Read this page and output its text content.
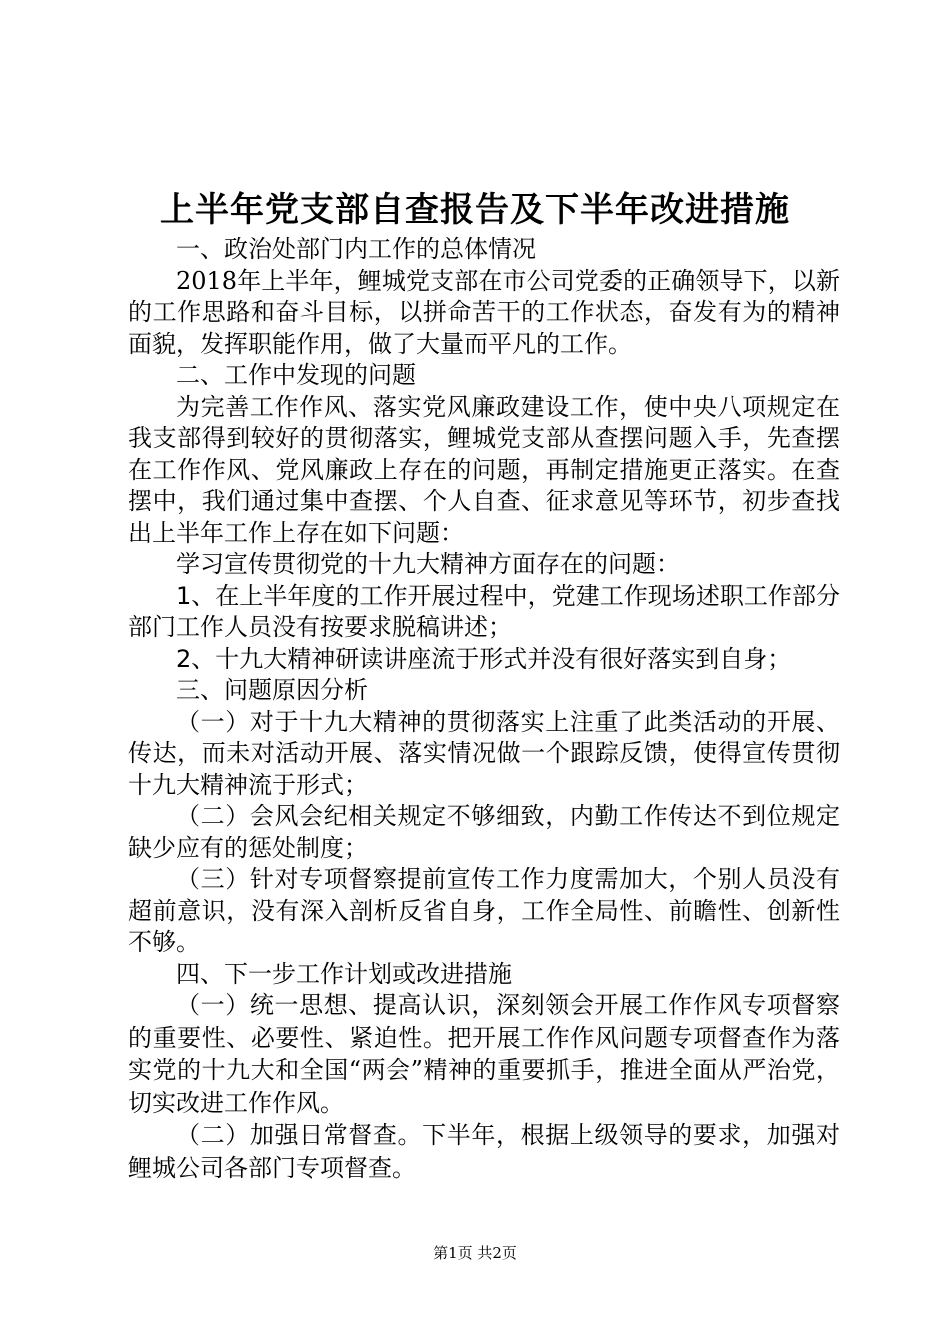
上半年党支部自查报告及下半年改进措施

一、政治处部门内工作的总体情况

2018年上半年，鲤城党支部在市公司党委的正确领导下，以新的工作思路和奋斗目标，以拼命苦干的工作状态，奋发有为的精神面貌，发挥职能作用，做了大量而平凡的工作。

二、工作中发现的问题

为完善工作作风、落实党风廉政建设工作，使中央八项规定在我支部得到较好的贯彻落实，鲤城党支部从查摆问题入手，先查摆在工作作风、党风廉政上存在的问题，再制定措施更正落实。在查摆中，我们通过集中查摆、个人自查、征求意见等环节，初步查找出上半年工作上存在如下问题：

学习宣传贯彻党的十九大精神方面存在的问题：

1、在上半年度的工作开展过程中，党建工作现场述职工作部分部门工作人员没有按要求脱稿讲述；

2、十九大精神研读讲座流于形式并没有很好落实到自身；

三、问题原因分析

（一）对于十九大精神的贯彻落实上注重了此类活动的开展、传达，而未对活动开展、落实情况做一个跟踪反馈，使得宣传贯彻十九大精神流于形式；

（二）会风会纪相关规定不够细致，内勤工作传达不到位规定缺少应有的惩处制度；

（三）针对专项督察提前宣传工作力度需加大，个别人员没有超前意识，没有深入剖析反省自身，工作全局性、前瞻性、创新性不够。

四、下一步工作计划或改进措施

（一）统一思想、提高认识，深刻领会开展工作作风专项督察的重要性、必要性、紧迫性。把开展工作作风问题专项督查作为落实党的十九大和全国“两会”精神的重要抓手，推进全面从严治党，切实改进工作作风。

（二）加强日常督查。下半年，根据上级领导的要求，加强对鲤城公司各部门专项督查。

第1页 共2页
